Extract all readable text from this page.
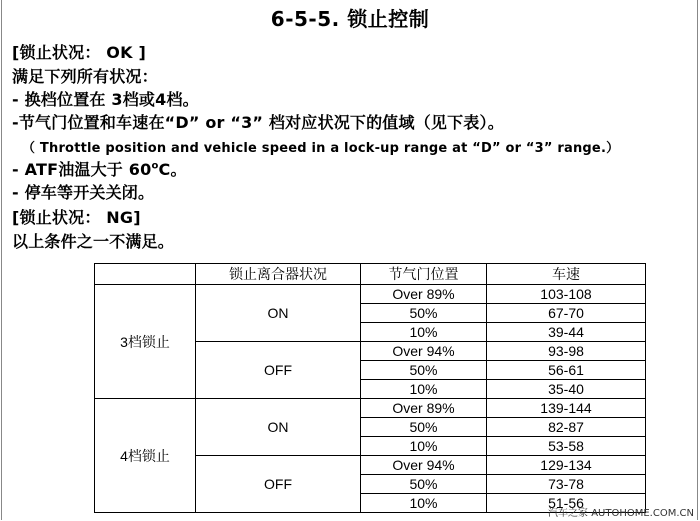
6-5-5. 锁止控制
[锁止状况： OK ]
满足下列所有状况：
- 换档位置在 3档或4档。
-节气门位置和车速在“D” or “3” 档对应状况下的值域（见下表）。
（ Throttle position and vehicle speed in a lock-up range at “D” or “3” range.）
- ATF油温大于 60$^o$C。
- 停车等开关关闭。
[锁止状况： NG]
以上条件之一不满足。
	锁止离合器状况	节气门位置	车速
3档锁止	ON	Over 89%	103-108
		50%	67-70
		10%	39-44
	OFF	Over 94%	93-98
		50%	56-61
		10%	35-40
4档锁止	ON	Over 89%	139-144
		50%	82-87
		10%	53-58
	OFF	Over 94%	129-134
		50%	73-78
		10%	51-56
汽车之家 AUTOHOME.COM.CN
